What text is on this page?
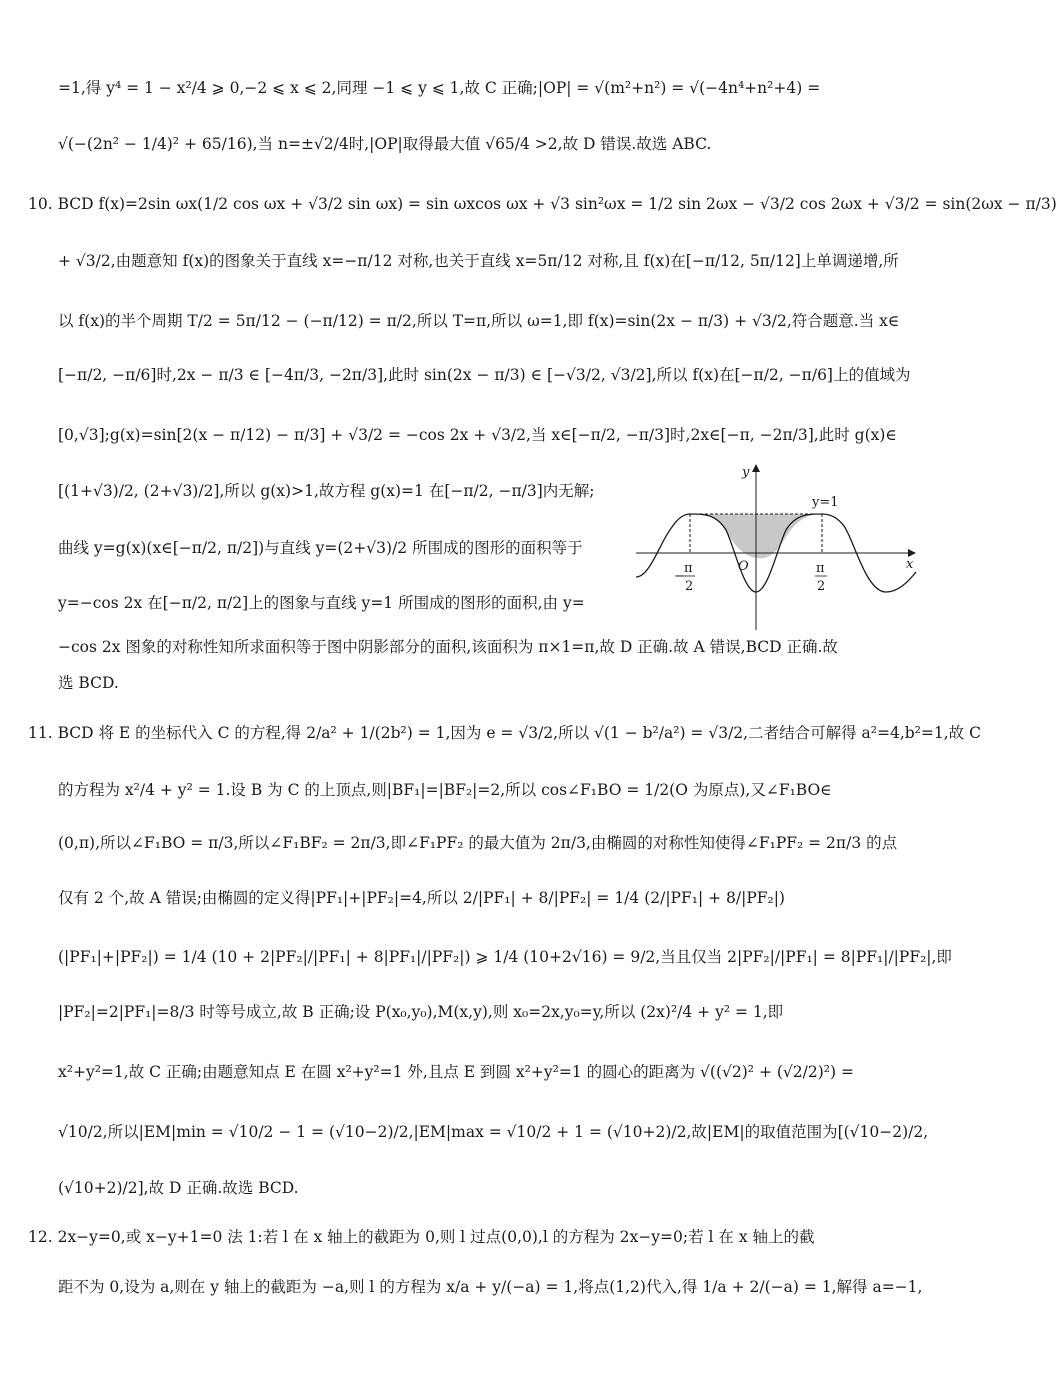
=1,得 y⁴ = 1 − x²/4 ⩾ 0,−2 ⩽ x ⩽ 2,同理 −1 ⩽ y ⩽ 1,故 C 正确;|OP| = √(m²+n²) = √(−4n⁴+n²+4) =
√(−(2n² − 1/4)² + 65/16),当 n=±√2/4时,|OP|取得最大值 √65/4 >2,故 D 错误.故选 ABC.
10. BCD f(x)=2sin ωx(1/2 cos ωx + √3/2 sin ωx) = sin ωxcos ωx + √3 sin²ωx = 1/2 sin 2ωx − √3/2 cos 2ωx + √3/2 = sin(2ωx − π/3)
+ √3/2,由题意知 f(x)的图象关于直线 x=−π/12 对称,也关于直线 x=5π/12 对称,且 f(x)在[−π/12, 5π/12]上单调递增,所
以 f(x)的半个周期 T/2 = 5π/12 − (−π/12) = π/2,所以 T=π,所以 ω=1,即 f(x)=sin(2x − π/3) + √3/2,符合题意.当 x∈
[−π/2, −π/6]时,2x − π/3 ∈ [−4π/3, −2π/3],此时 sin(2x − π/3) ∈ [−√3/2, √3/2],所以 f(x)在[−π/2, −π/6]上的值域为
[0,√3];g(x)=sin[2(x − π/12) − π/3] + √3/2 = −cos 2x + √3/2,当 x∈[−π/2, −π/3]时,2x∈[−π, −2π/3],此时 g(x)∈
[(1+√3)/2, (2+√3)/2],所以 g(x)>1,故方程 g(x)=1 在[−π/2, −π/3]内无解;
曲线 y=g(x)(x∈[−π/2, π/2])与直线 y=(2+√3)/2 所围成的图形的面积等于
y=−cos 2x 在[−π/2, π/2]上的图象与直线 y=1 所围成的图形的面积,由 y=
−cos 2x 图象的对称性知所求面积等于图中阴影部分的面积,该面积为 π×1=π,故 D 正确.故 A 错误,BCD 正确.故
选 BCD.
11. BCD 将 E 的坐标代入 C 的方程,得 2/a² + 1/(2b²) = 1,因为 e = √3/2,所以 √(1 − b²/a²) = √3/2,二者结合可解得 a²=4,b²=1,故 C
的方程为 x²/4 + y² = 1.设 B 为 C 的上顶点,则|BF₁|=|BF₂|=2,所以 cos∠F₁BO = 1/2(O 为原点),又∠F₁BO∈
(0,π),所以∠F₁BO = π/3,所以∠F₁BF₂ = 2π/3,即∠F₁PF₂ 的最大值为 2π/3,由椭圆的对称性知使得∠F₁PF₂ = 2π/3 的点
仅有 2 个,故 A 错误;由椭圆的定义得|PF₁|+|PF₂|=4,所以 2/|PF₁| + 8/|PF₂| = 1/4 (2/|PF₁| + 8/|PF₂|)
(|PF₁|+|PF₂|) = 1/4 (10 + 2|PF₂|/|PF₁| + 8|PF₁|/|PF₂|) ⩾ 1/4 (10+2√16) = 9/2,当且仅当 2|PF₂|/|PF₁| = 8|PF₁|/|PF₂|,即
|PF₂|=2|PF₁|=8/3 时等号成立,故 B 正确;设 P(x₀,y₀),M(x,y),则 x₀=2x,y₀=y,所以 (2x)²/4 + y² = 1,即
x²+y²=1,故 C 正确;由题意知点 E 在圆 x²+y²=1 外,且点 E 到圆 x²+y²=1 的圆心的距离为 √((√2)² + (√2/2)²) =
√10/2,所以|EM|min = √10/2 − 1 = (√10−2)/2,|EM|max = √10/2 + 1 = (√10+2)/2,故|EM|的取值范围为[(√10−2)/2,
(√10+2)/2],故 D 正确.故选 BCD.
12. 2x−y=0,或 x−y+1=0 法 1:若 l 在 x 轴上的截距为 0,则 l 过点(0,0),l 的方程为 2x−y=0;若 l 在 x 轴上的截
距不为 0,设为 a,则在 y 轴上的截距为 −a,则 l 的方程为 x/a + y/(−a) = 1,将点(1,2)代入,得 1/a + 2/(−a) = 1,解得 a=−1,
y
x
O
y=1
−
π
2
π
2
